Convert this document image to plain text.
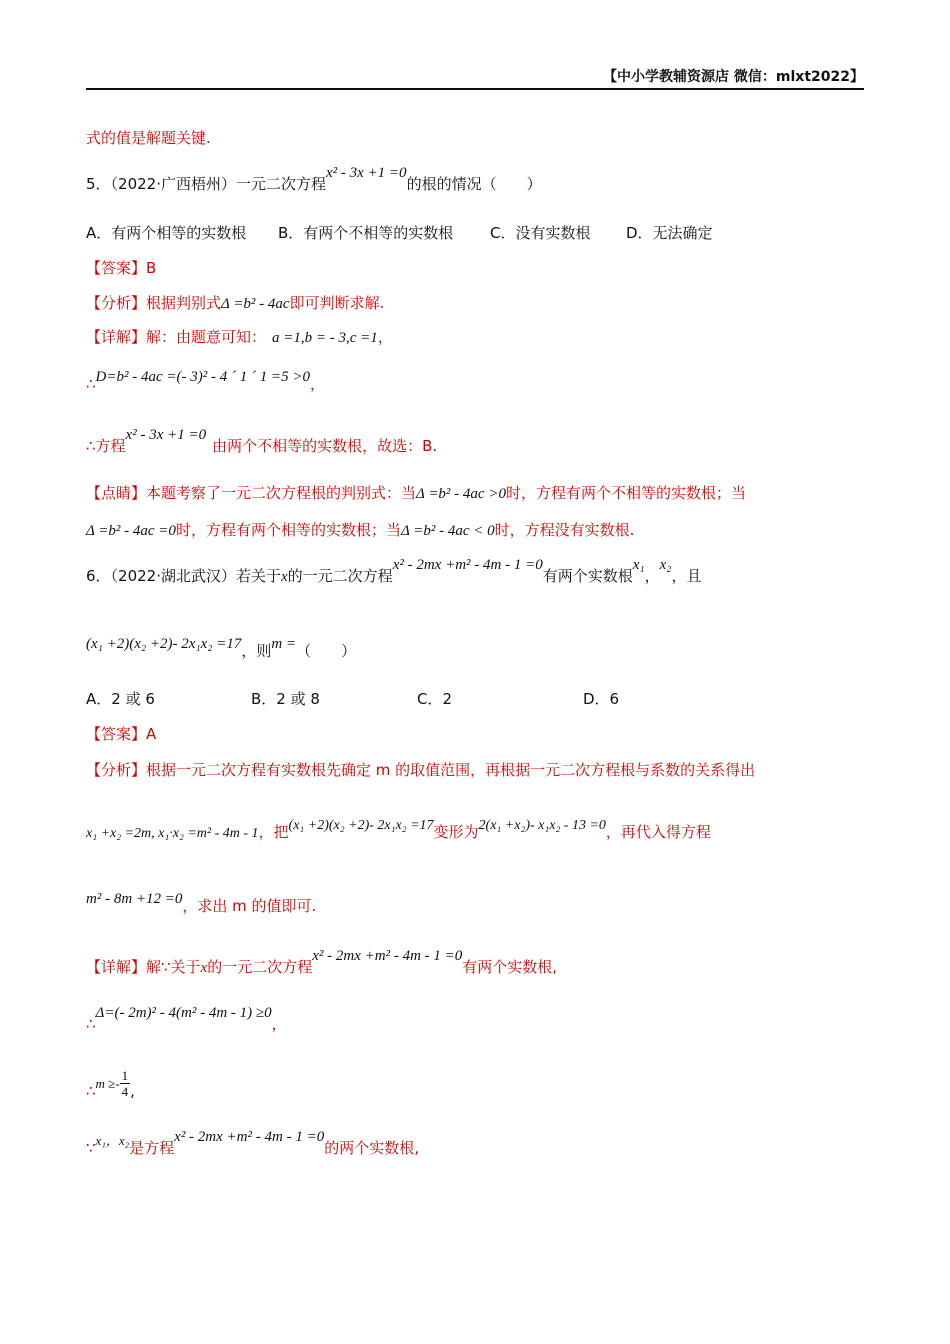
【中小学教辅资源店 微信：mlxt2022】
式的值是解题关键.
5．（2022·广西梧州）一元二次方程x² - 3x +1 =0的根的情况（　　）
A．有两个相等的实数根 B．有两个不相等的实数根 C．没有实数根 D．无法确定
【答案】B
【分析】根据判别式Δ =b² - 4ac即可判断求解.
【详解】解：由题意可知： a =1,b = - 3,c =1，
∴D=b² - 4ac =(- 3)² - 4 ´ 1 ´ 1 =5 >0，
∴方程x² - 3x +1 =0由两个不相等的实数根，故选：B.
【点睛】本题考察了一元二次方程根的判别式：当Δ =b² - 4ac >0时，方程有两个不相等的实数根；当
Δ =b² - 4ac =0时，方程有两个相等的实数根；当Δ =b² - 4ac < 0时，方程没有实数根.
6．（2022·湖北武汉）若关于x的一元二次方程x² - 2mx +m² - 4m - 1 =0有两个实数根x₁，x₂，且
(x₁ +2)(x₂ +2)- 2x₁x₂ =17，则m =（　　）
A．2 或 6	B．2 或 8	C．2	D．6
【答案】A
【分析】根据一元二次方程有实数根先确定 m 的取值范围，再根据一元二次方程根与系数的关系得出
x₁ +x₂ =2m, x₁·x₂ =m² - 4m - 1，把(x₁ +2)(x₂ +2)- 2x₁x₂ =17变形为2(x₁ +x₂)- x₁x₂ - 13 =0，再代入得方程
m² - 8m +12 =0，求出 m 的值即可.
【详解】解∵关于x的一元二次方程x² - 2mx +m² - 4m - 1 =0有两个实数根,
∴Δ=(- 2m)² - 4(m² - 4m - 1) ≥0，
∴m ≥- $\frac{1}{4}$ ,
∵x₁，x₂是方程x² - 2mx +m² - 4m - 1 =0的两个实数根,
